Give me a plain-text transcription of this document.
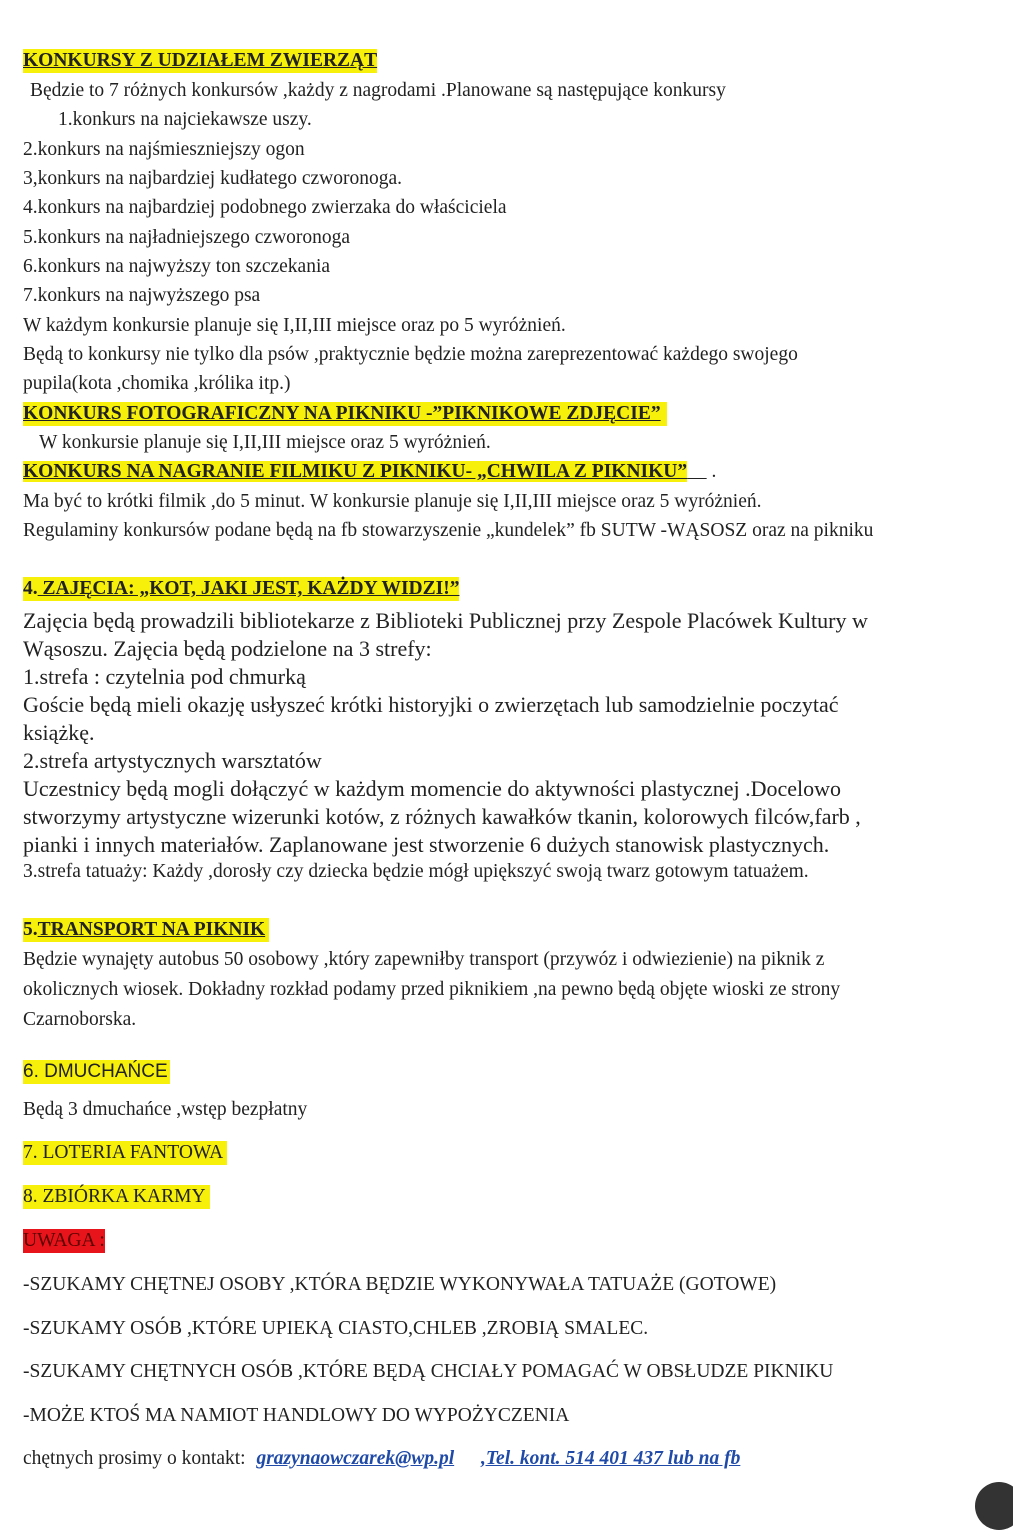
KONKURSY Z UDZIAŁEM ZWIERZĄT
Będzie to 7 różnych konkursów ,każdy z nagrodami .Planowane są następujące konkursy
1.konkurs na najciekawsze uszy.
2.konkurs na najśmieszniejszy ogon
3,konkurs na najbardziej kudłatego czworonoga.
4.konkurs na najbardziej podobnego zwierzaka do właściciela
5.konkurs na najładniejszego czworonoga
6.konkurs na najwyższy ton szczekania
7.konkurs na najwyższego psa
W każdym konkursie planuje się I,II,III miejsce oraz po 5 wyróżnień.
Będą to konkursy nie tylko dla psów ,praktycznie będzie można zareprezentować każdego swojego
pupila(kota ,chomika ,królika itp.)
KONKURS FOTOGRAFICZNY NA PIKNIKU -”PIKNIKOWE ZDJĘCIE”
W konkursie planuje się I,II,III miejsce oraz 5 wyróżnień.
KONKURS NA NAGRANIE FILMIKU Z PIKNIKU- „CHWILA Z PIKNIKU”     .
Ma być to krótki filmik ,do 5 minut. W konkursie planuje się I,II,III miejsce oraz 5 wyróżnień.
Regulaminy konkursów podane będą na fb stowarzyszenie „kundelek” fb SUTW -WĄSOSZ oraz na pikniku
4. ZAJĘCIA: „KOT, JAKI JEST, KAŻDY WIDZI!”
Zajęcia będą prowadzili bibliotekarze z Biblioteki Publicznej przy Zespole Placówek Kultury w
Wąsoszu. Zajęcia będą podzielone na 3 strefy:
1.strefa : czytelnia pod chmurką
Goście będą mieli okazję usłyszeć krótki historyjki o zwierzętach lub samodzielnie poczytać
książkę.
2.strefa artystycznych warsztatów
Uczestnicy będą mogli dołączyć w każdym momencie do aktywności plastycznej .Docelowo
stworzymy artystyczne wizerunki kotów, z różnych kawałków tkanin, kolorowych filców,farb ,
pianki i innych materiałów. Zaplanowane jest stworzenie 6 dużych stanowisk plastycznych.
3.strefa tatuaży: Każdy ,dorosły czy dziecka będzie mógł upiększyć swoją twarz gotowym tatuażem.
5.TRANSPORT NA PIKNIK
Będzie wynajęty autobus 50 osobowy ,który zapewniłby transport (przywóz i odwiezienie) na piknik z
okolicznych wiosek. Dokładny rozkład podamy przed piknikiem ,na pewno będą objęte wioski ze strony
Czarnoborska.
6. DMUCHAŃCE
Będą 3 dmuchańce ,wstęp bezpłatny
7. LOTERIA FANTOWA
8. ZBIÓRKA KARMY
UWAGA :
-SZUKAMY CHĘTNEJ OSOBY ,KTÓRA BĘDZIE WYKONYWAŁA TATUAŻE (GOTOWE)
-SZUKAMY OSÓB ,KTÓRE UPIEKĄ CIASTO,CHLEB ,ZROBIĄ SMALEC.
-SZUKAMY CHĘTNYCH OSÓB ,KTÓRE BĘDĄ CHCIAŁY POMAGAĆ W OBSŁUDZE PIKNIKU
-MOŻE KTOŚ MA NAMIOT HANDLOWY DO WYPOŻYCZENIA
chętnych prosimy o kontakt: grazynaowczarek@wp.pl ,Tel. kont. 514 401 437 lub na fb
